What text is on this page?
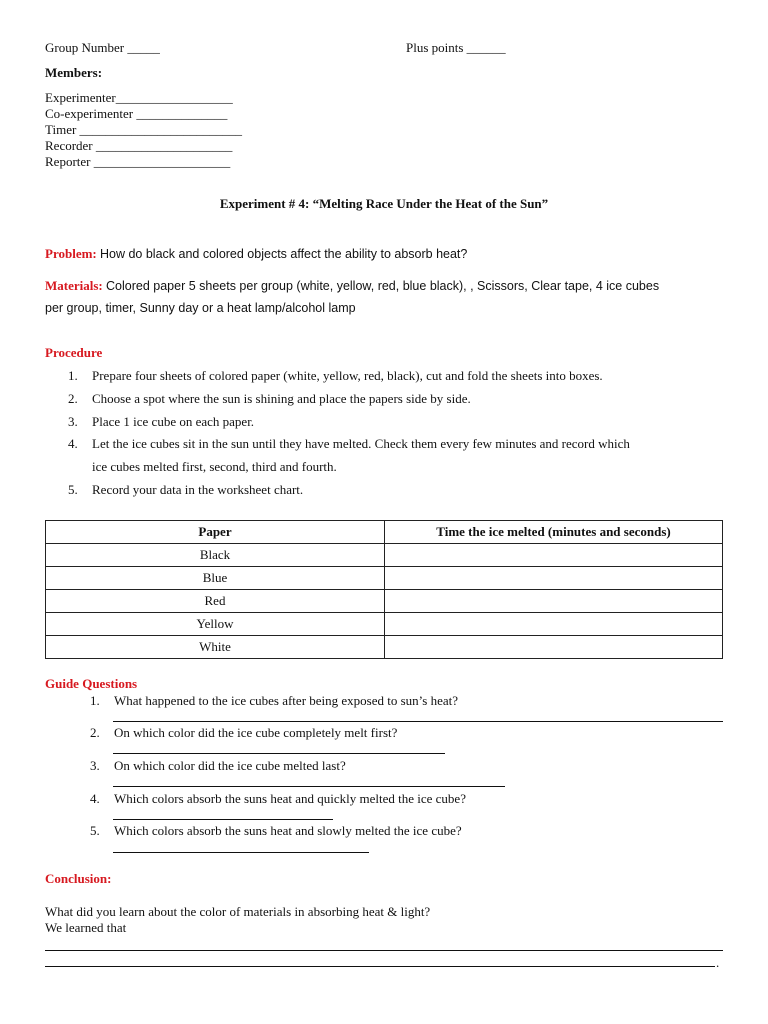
Group Number _____	Plus points ______
Members:
Experimenter__________________
Co-experimenter ______________
Timer _________________________
Recorder _____________________
Reporter _____________________
Experiment # 4: “Melting Race Under the Heat of the Sun”
Problem: How do black and colored objects affect the ability to absorb heat?
Materials: Colored paper 5 sheets per group (white, yellow, red, blue black), , Scissors, Clear tape, 4 ice cubes
per group, timer, Sunny day or a heat lamp/alcohol lamp
Procedure
1. Prepare four sheets of colored paper (white, yellow, red, black), cut and fold the sheets into boxes.
2. Choose a spot where the sun is shining and place the papers side by side.
3. Place 1 ice cube on each paper.
4. Let the ice cubes sit in the sun until they have melted. Check them every few minutes and record which
ice cubes melted first, second, third and fourth.
5. Record your data in the worksheet chart.
Paper	Time the ice melted (minutes and seconds)
Black	
Blue	
Red	
Yellow	
White	
Guide Questions
1. What happened to the ice cubes after being exposed to sun’s heat?
2. On which color did the ice cube completely melt first?
3. On which color did the ice cube melted last?
4. Which colors absorb the suns heat and quickly melted the ice cube?
5. Which colors absorb the suns heat and slowly melted the ice cube?
Conclusion:
What did you learn about the color of materials in absorbing heat & light?
We learned that
.
